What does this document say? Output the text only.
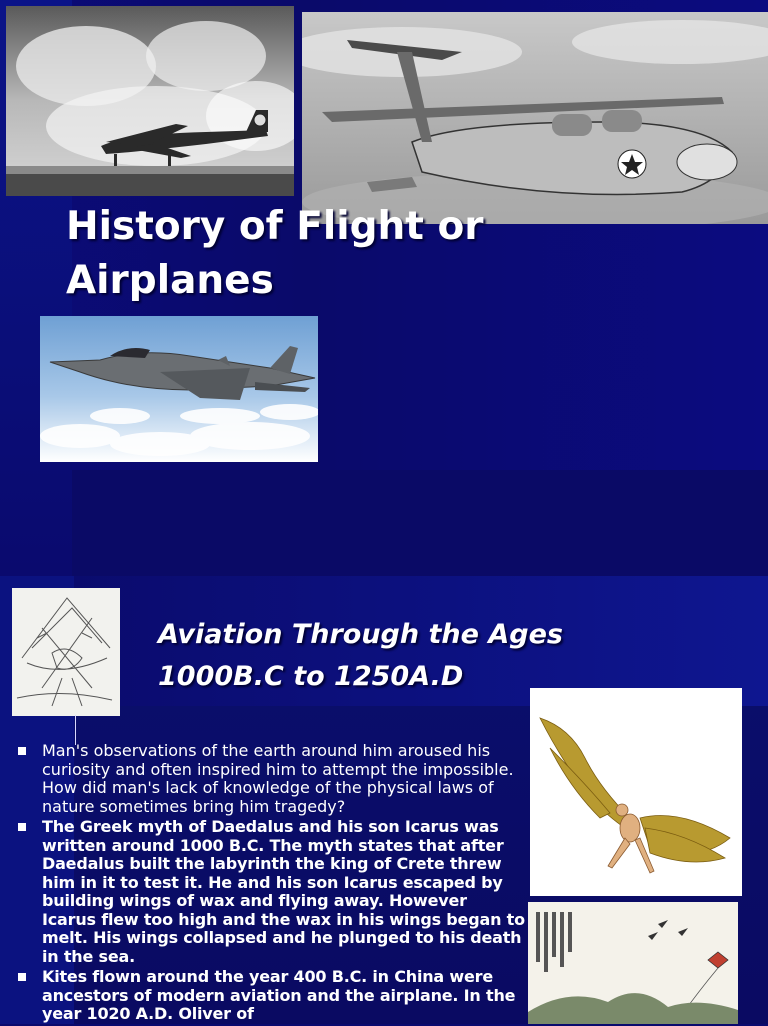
History of Flight or Airplanes
Aviation Through the Ages
1000B.C to 1250A.D
Man's observations of the earth around him aroused his curiosity and often inspired him to attempt the impossible. How did man's lack of knowledge of the physical laws of nature sometimes bring him tragedy?
The Greek myth of Daedalus and his son Icarus was written around 1000 B.C. The myth states that after Daedalus built the labyrinth the king of Crete threw him in it to test it. He and his son Icarus escaped by building wings of wax and flying away. However Icarus flew too high and the wax in his wings began to melt. His wings collapsed and he plunged to his death in the sea.
Kites flown around the year 400 B.C. in China were ancestors of modern aviation and the airplane. In the year 1020 A.D. Oliver of
